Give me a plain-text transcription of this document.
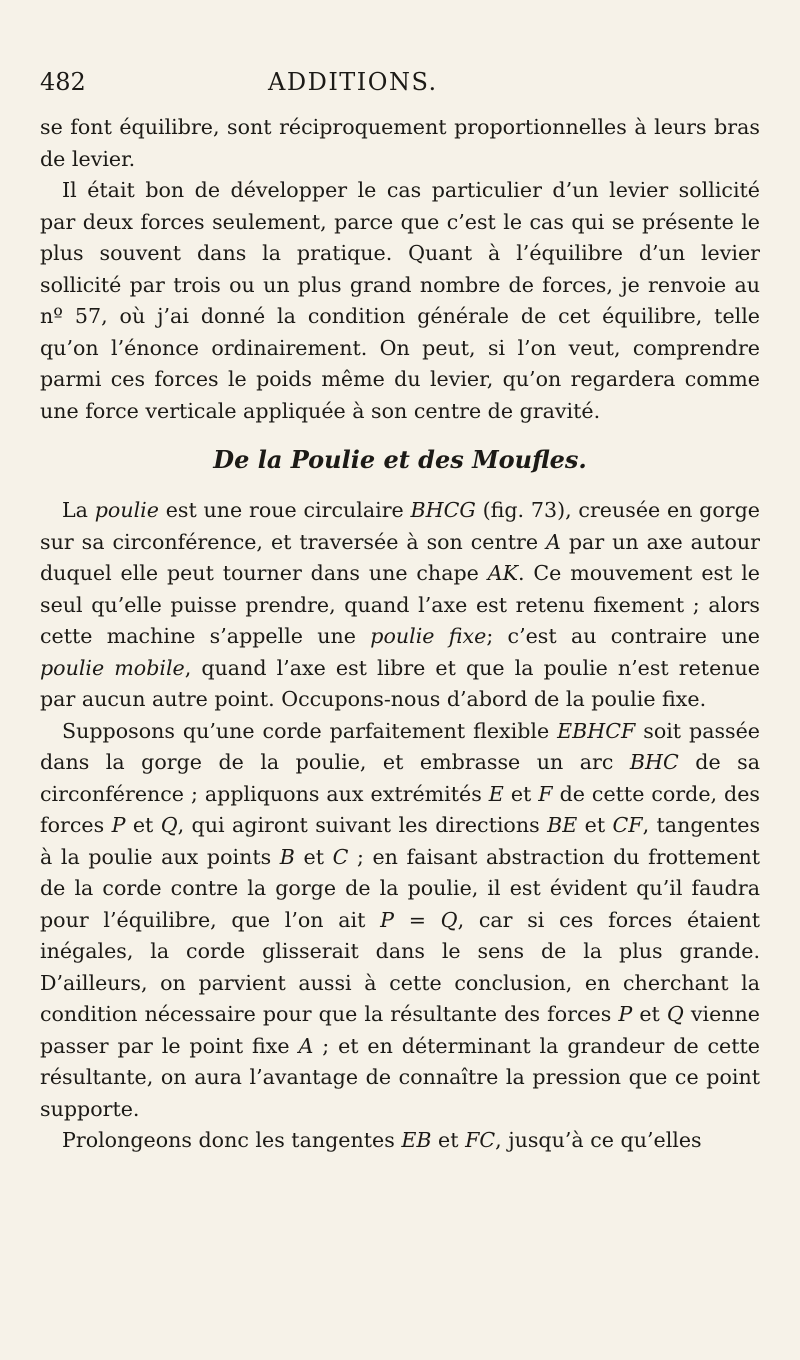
482	ADDITIONS.

se font équilibre, sont réciproquement proportionnelles à leurs bras de levier.

Il était bon de développer le cas particulier d’un levier sollicité par deux forces seulement, parce que c’est le cas qui se présente le plus souvent dans la pratique. Quant à l’équilibre d’un levier sollicité par trois ou un plus grand nombre de forces, je renvoie au nº 57, où j’ai donné la condition générale de cet équilibre, telle qu’on l’énonce ordinairement. On peut, si l’on veut, comprendre parmi ces forces le poids même du levier, qu’on regardera comme une force verticale appliquée à son centre de gravité.

De la Poulie et des Moufles.

La poulie est une roue circulaire BHCG (fig. 73), creusée en gorge sur sa circonférence, et traversée à son centre A par un axe autour duquel elle peut tourner dans une chape AK. Ce mouvement est le seul qu’elle puisse prendre, quand l’axe est retenu fixement ; alors cette machine s’appelle une poulie fixe; c’est au contraire une poulie mobile, quand l’axe est libre et que la poulie n’est retenue par aucun autre point. Occupons-nous d’abord de la poulie fixe.

Supposons qu’une corde parfaitement flexible EBHCF soit passée dans la gorge de la poulie, et embrasse un arc BHC de sa circonférence ; appliquons aux extrémités E et F de cette corde, des forces P et Q, qui agiront suivant les directions BE et CF, tangentes à la poulie aux points B et C ; en faisant abstraction du frottement de la corde contre la gorge de la poulie, il est évident qu’il faudra pour l’équilibre, que l’on ait P = Q, car si ces forces étaient inégales, la corde glisserait dans le sens de la plus grande. D’ailleurs, on parvient aussi à cette conclusion, en cherchant la condition nécessaire pour que la résultante des forces P et Q vienne passer par le point fixe A ; et en déterminant la grandeur de cette résultante, on aura l’avantage de connaître la pression que ce point supporte.

Prolongeons donc les tangentes EB et FC, jusqu’à ce qu’elles
